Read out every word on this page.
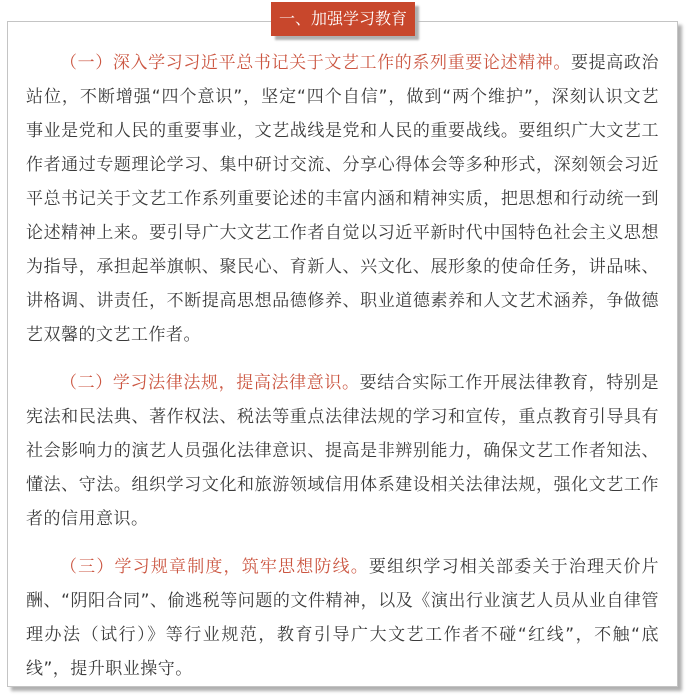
一、加强学习教育

（一）深入学习习近平总书记关于文艺工作的系列重要论述精神。要提高政治站位，不断增强“四个意识”，坚定“四个自信”，做到“两个维护”，深刻认识文艺事业是党和人民的重要事业，文艺战线是党和人民的重要战线。要组织广大文艺工作者通过专题理论学习、集中研讨交流、分享心得体会等多种形式，深刻领会习近平总书记关于文艺工作系列重要论述的丰富内涵和精神实质，把思想和行动统一到论述精神上来。要引导广大文艺工作者自觉以习近平新时代中国特色社会主义思想为指导，承担起举旗帜、聚民心、育新人、兴文化、展形象的使命任务，讲品味、讲格调、讲责任，不断提高思想品德修养、职业道德素养和人文艺术涵养，争做德艺双馨的文艺工作者。

（二）学习法律法规，提高法律意识。要结合实际工作开展法律教育，特别是宪法和民法典、著作权法、税法等重点法律法规的学习和宣传，重点教育引导具有社会影响力的演艺人员强化法律意识、提高是非辨别能力，确保文艺工作者知法、懂法、守法。组织学习文化和旅游领域信用体系建设相关法律法规，强化文艺工作者的信用意识。

（三）学习规章制度，筑牢思想防线。要组织学习相关部委关于治理天价片酬、“阴阳合同”、偷逃税等问题的文件精神，以及《演出行业演艺人员从业自律管理办法（试行）》等行业规范，教育引导广大文艺工作者不碰“红线”，不触“底线”，提升职业操守。
